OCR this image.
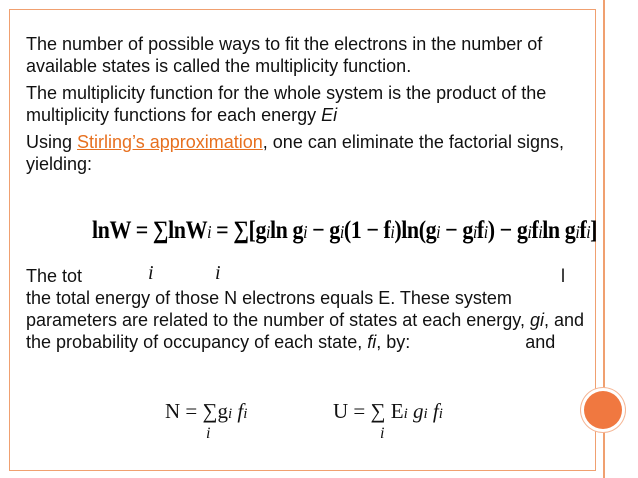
The number of possible ways to fit the electrons in the number of available states is called the multiplicity function.

The multiplicity function for the whole system is the product of the multiplicity functions for each energy Ei

Using Stirling’s approximation, one can eliminate the factorial signs, yielding:

lnW = ∑lnWi = ∑[giln gi − gi(1 − fi)ln(gi − gifi) − gifiln gifi]
The tot	l
the total energy of those N electrons equals E. These system parameters are related to the number of states at each energy, gi, and the probability of occupancy of each state, fi, by:	and
i	i
N = ∑gi fi
i
U = ∑ Ei gi fi
i
